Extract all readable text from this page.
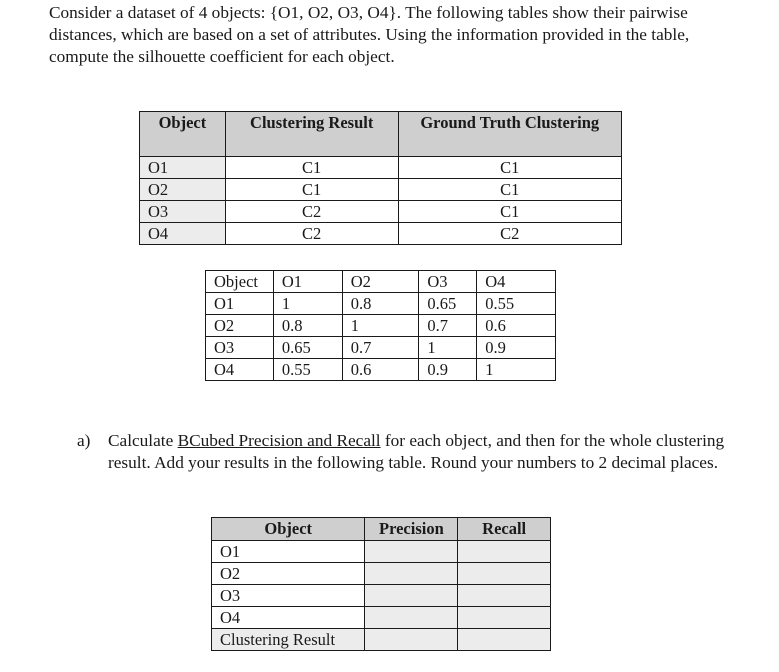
Consider a dataset of 4 objects: {O1, O2, O3, O4}. The following tables show their pairwise distances, which are based on a set of attributes. Using the information provided in the table, compute the silhouette coefficient for each object.

Object	Clustering Result	Ground Truth Clustering
O1	C1	C1
O2	C1	C1
O3	C2	C1
O4	C2	C2
Object	O1	O2	O3	O4
O1	1	0.8	0.65	0.55
O2	0.8	1	0.7	0.6
O3	0.65	0.7	1	0.9
O4	0.55	0.6	0.9	1
a) Calculate BCubed Precision and Recall for each object, and then for the whole clustering result. Add your results in the following table. Round your numbers to 2 decimal places.
Object	Precision	Recall
O1		
O2		
O3		
O4		
Clustering Result		
